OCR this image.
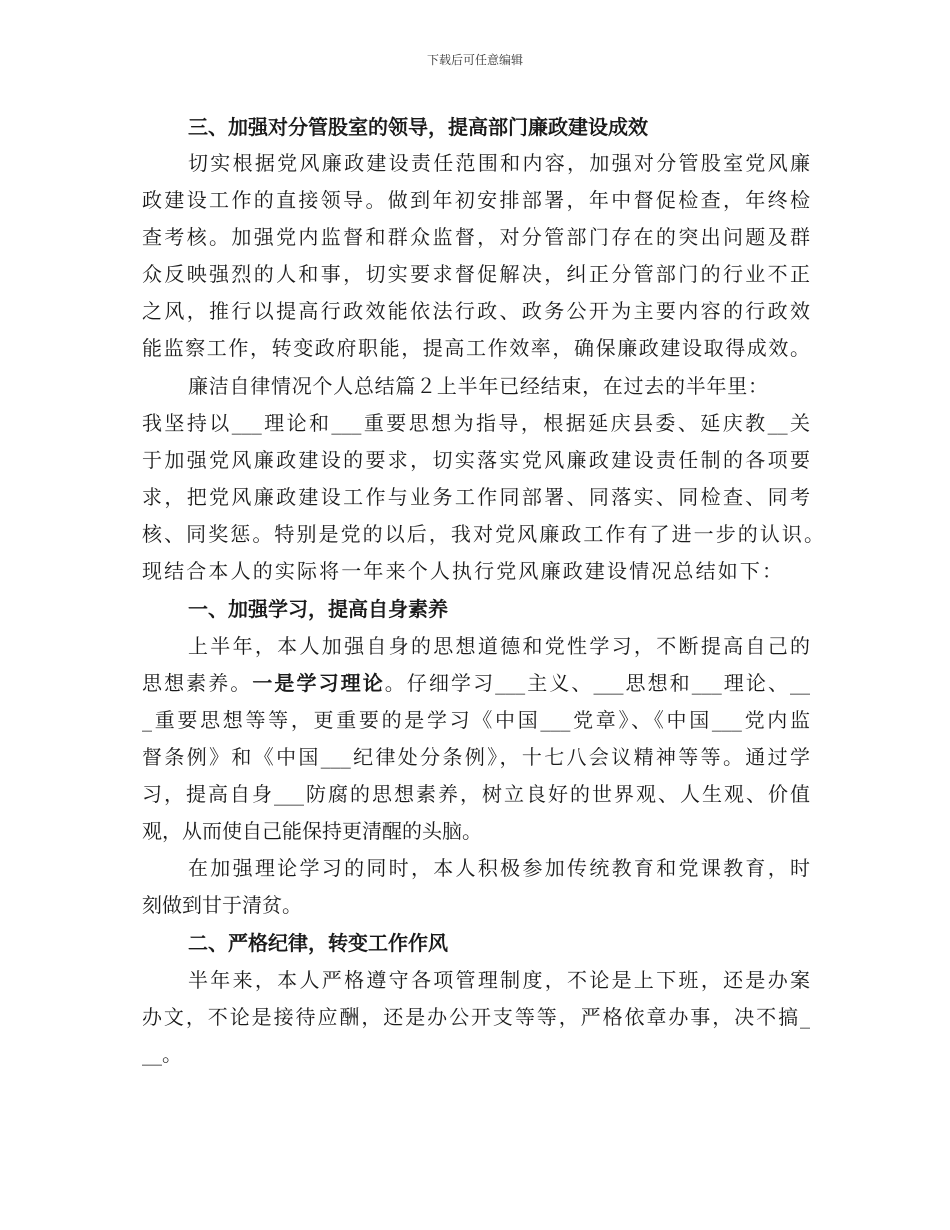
下载后可任意编辑
三、加强对分管股室的领导，提高部门廉政建设成效
切实根据党风廉政建设责任范围和内容，加强对分管股室党风廉
政建设工作的直接领导。做到年初安排部署，年中督促检查，年终检
查考核。加强党内监督和群众监督，对分管部门存在的突出问题及群
众反映强烈的人和事，切实要求督促解决，纠正分管部门的行业不正
之风，推行以提高行政效能依法行政、政务公开为主要内容的行政效
能监察工作，转变政府职能，提高工作效率，确保廉政建设取得成效。
廉洁自律情况个人总结篇２上半年已经结束，在过去的半年里：
我坚持以___理论和___重要思想为指导，根据延庆县委、延庆教__关
于加强党风廉政建设的要求，切实落实党风廉政建设责任制的各项要
求，把党风廉政建设工作与业务工作同部署、同落实、同检查、同考
核、同奖惩。特别是党的以后，我对党风廉政工作有了进一步的认识。
现结合本人的实际将一年来个人执行党风廉政建设情况总结如下：
一、加强学习，提高自身素养
上半年，本人加强自身的思想道德和党性学习，不断提高自己的
思想素养。一是学习理论。仔细学习___主义、___思想和___理论、__
_重要思想等等，更重要的是学习《中国___党章》、《中国___党内监
督条例》和《中国___纪律处分条例》，十七八会议精神等等。通过学
习，提高自身___防腐的思想素养，树立良好的世界观、人生观、价值
观，从而使自己能保持更清醒的头脑。
在加强理论学习的同时，本人积极参加传统教育和党课教育，时
刻做到甘于清贫。
二、严格纪律，转变工作作风
半年来，本人严格遵守各项管理制度，不论是上下班，还是办案
办文，不论是接待应酬，还是办公开支等等，严格依章办事，决不搞_
__。
